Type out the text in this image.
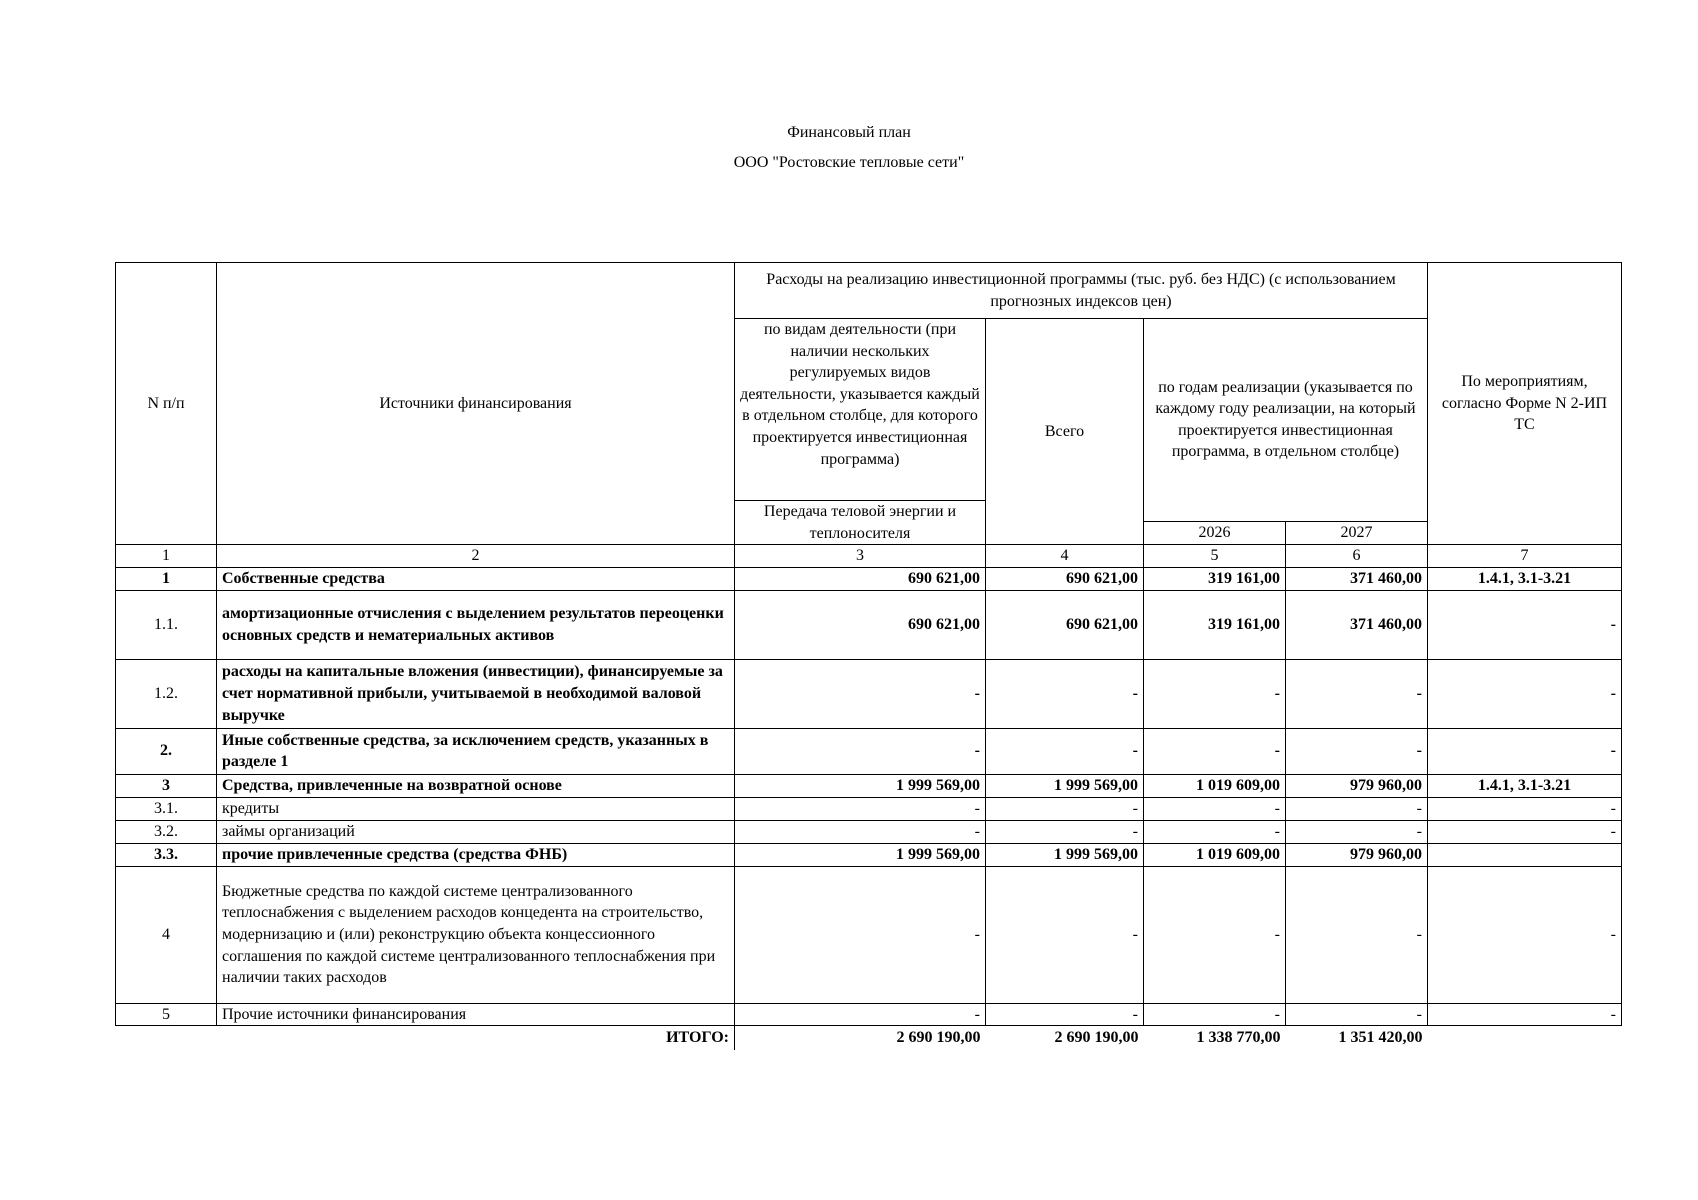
Финансовый план
ООО "Ростовские тепловые сети"
N п/п	Источники финансирования	Расходы на реализацию инвестиционной программы (тыс. руб. без НДС) (с использованием прогнозных индексов цен)				По мероприятиям, согласно Форме N 2-ИП ТС
		по видам деятельности (при наличии нескольких регулируемых видов деятельности, указывается каждый в отдельном столбце, для которого проектируется инвестиционная программа)	Всего	по годам реализации (указывается по каждому году реализации, на который проектируется инвестиционная программа, в отдельном столбце)		
		Передача теловой энергии и теплоносителя				
				2026	2027	
1	2	3	4	5	6	7
1	Собственные средства	690 621,00	690 621,00	319 161,00	371 460,00	1.4.1, 3.1-3.21
1.1.	амортизационные отчисления с выделением результатов переоценки основных средств и нематериальных активов	690 621,00	690 621,00	319 161,00	371 460,00	-
1.2.	расходы на капитальные вложения (инвестиции), финансируемые за счет нормативной прибыли, учитываемой в необходимой валовой выручке	-	-	-	-	-
2.	Иные собственные средства, за исключением средств, указанных в разделе 1	-	-	-	-	-
3	Средства, привлеченные на возвратной основе	1 999 569,00	1 999 569,00	1 019 609,00	979 960,00	1.4.1, 3.1-3.21
3.1.	кредиты	-	-	-	-	-
3.2.	займы организаций	-	-	-	-	-
3.3.	прочие привлеченные средства (средства ФНБ)	1 999 569,00	1 999 569,00	1 019 609,00	979 960,00	
4	Бюджетные средства по каждой системе централизованного теплоснабжения с выделением расходов концедента на строительство, модернизацию и (или) реконструкцию объекта концессионного соглашения по каждой системе централизованного теплоснабжения при наличии таких расходов	-	-	-	-	-
5	Прочие источники финансирования	-	-	-	-	-
ИТОГО:		2 690 190,00	2 690 190,00	1 338 770,00	1 351 420,00	
